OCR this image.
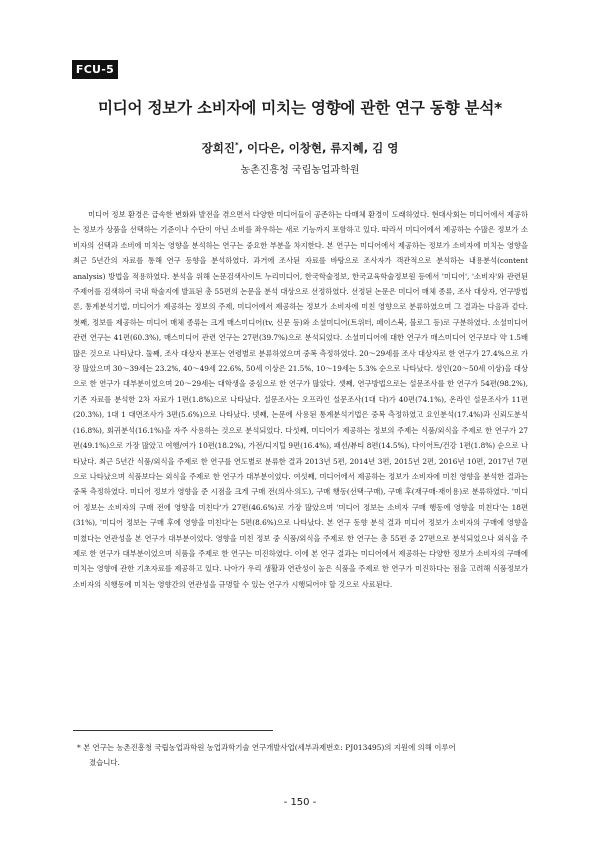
FCU-5
미디어 정보가 소비자에 미치는 영향에 관한 연구 동향 분석*
장희진*, 이다은, 이창현, 류지혜, 김 영
농촌진흥청 국립농업과학원

미디어 정보 환경은 급속한 변화와 발전을 겪으면서 다양한 미디어들이 공존하는 다매체 환경이 도래하였다. 현대사회는 미디어에서 제공하는 정보가 상품을 선택하는 기준이나 수단이 아닌 소비를 좌우하는 새로 기능까지 포함하고 있다. 따라서 미디어에서 제공하는 수많은 정보가 소비자의 선택과 소비에 미치는 영향을 분석하는 연구는 중요한 부분을 차지한다. 본 연구는 미디어에서 제공하는 정보가 소비자에 미치는 영향을 최근 5년간의 자료를 통해 연구 동향을 분석하였다. 과거에 조사된 자료를 바탕으로 조사자가 객관적으로 분석하는 내용분석(content analysis) 방법을 적용하였다. 분석을 위해 논문검색사이트 누리미디어, 한국학술정보, 한국교육학술정보원 등에서 '미디어', '소비자'와 관련된 주제어를 검색하여 국내 학술지에 발표된 총 55편의 논문을 분석 대상으로 선정하였다. 선정된 논문은 미디어 매체 종류, 조사 대상자, 연구방법론, 통계분석기법, 미디어가 제공하는 정보의 주제, 미디어에서 제공하는 정보가 소비자에 미친 영향으로 분류하였으며 그 결과는 다음과 같다. 첫째, 정보를 제공하는 미디어 매체 종류는 크게 매스미디어(tv, 신문 등)와 소셜미디어(트위터, 페이스북, 블로그 등)로 구분하였다. 소셜미디어 관련 연구는 41편(60.3%), 매스미디어 관련 연구는 27편(39.7%)으로 분석되었다. 소셜미디어에 대한 연구가 매스미디어 연구보다 약 1.5배 많은 것으로 나타났다. 둘째, 조사 대상자 분포는 연령별로 분류하였으며 중복 측정하였다. 20～29세를 조사 대상자로 한 연구가 27.4%으로 가장 많았으며 30～39세는 23.2%, 40～49세 22.6%, 50세 이상은 21.5%, 10～19세는 5.3% 순으로 나타났다. 성인(20～50세 이상)을 대상으로 한 연구가 대부분이었으며 20～29세는 대학생을 중심으로 한 연구가 많았다. 셋째, 연구방법으로는 설문조사를 한 연구가 54편(98.2%), 기존 자료를 분석한 2차 자료가 1편(1.8%)으로 나타났다. 설문조사는 오프라인 설문조사(1대 다)가 40편(74.1%), 온라인 설문조사가 11편(20.3%), 1대 1 대면조사가 3편(5.6%)으로 나타났다. 넷째, 논문에 사용된 통계분석기법은 중복 측정하였고 요인분석(17.4%)과 신뢰도분석(16.8%), 회귀분석(16.1%)을 자주 사용하는 것으로 분석되었다. 다섯째, 미디어가 제공하는 정보의 주제는 식품/외식을 주제로 한 연구가 27편(49.1%)으로 가장 많았고 여행/여가 10편(18.2%), 가전/디지털 9편(16.4%), 패션/뷰티 8편(14.5%), 다이어트/건강 1편(1.8%) 순으로 나타났다. 최근 5년간 식품/외식을 주제로 한 연구를 연도별로 분류한 결과 2013년 5편, 2014년 3편, 2015년 2편, 2016년 10편, 2017년 7편으로 나타났으며 식품보다는 외식을 주제로 한 연구가 대부분이었다. 여섯째, 미디어에서 제공하는 정보가 소비자에 미친 영향을 분석한 결과는 중복 측정하였다. 미디어 정보가 영향을 준 시점을 크게 구매 전(의사·의도), 구매 행동(선택·구매), 구매 후(재구매·재이용)로 분류하였다. '미디어 정보는 소비자의 구매 전에 영향을 미친다'가 27편(46.6%)로 가장 많았으며 '미디어 정보는 소비자 구매 행동에 영향을 미친다'는 18편(31%), '미디어 정보는 구매 후에 영향을 미친다'는 5편(8.6%)으로 나타났다. 본 연구 동향 분석 결과 미디어 정보가 소비자의 구매에 영향을 미쳤다는 연관성을 본 연구가 대부분이었다. 영향을 미친 정보 중 식품/외식을 주제로 한 연구는 총 55편 중 27편으로 분석되었으나 외식을 주제로 한 연구가 대부분이었으며 식품을 주제로 한 연구는 미진하였다. 이에 본 연구 결과는 미디어에서 제공하는 다양한 정보가 소비자의 구매에 미치는 영향에 관한 기초자료를 제공하고 있다. 나아가 우리 생활과 연관성이 높은 식품을 주제로 한 연구가 미진하다는 점을 고려해 식품정보가 소비자의 식행동에 미치는 영향간의 연관성을 규명할 수 있는 연구가 시행되어야 할 것으로 사료된다.

* 본 연구는 농촌진흥청 국립농업과학원 농업과학기술 연구개발사업(세부과제번호: PJ013495)의 지원에 의해 이루어
졌습니다.
- 150 -
